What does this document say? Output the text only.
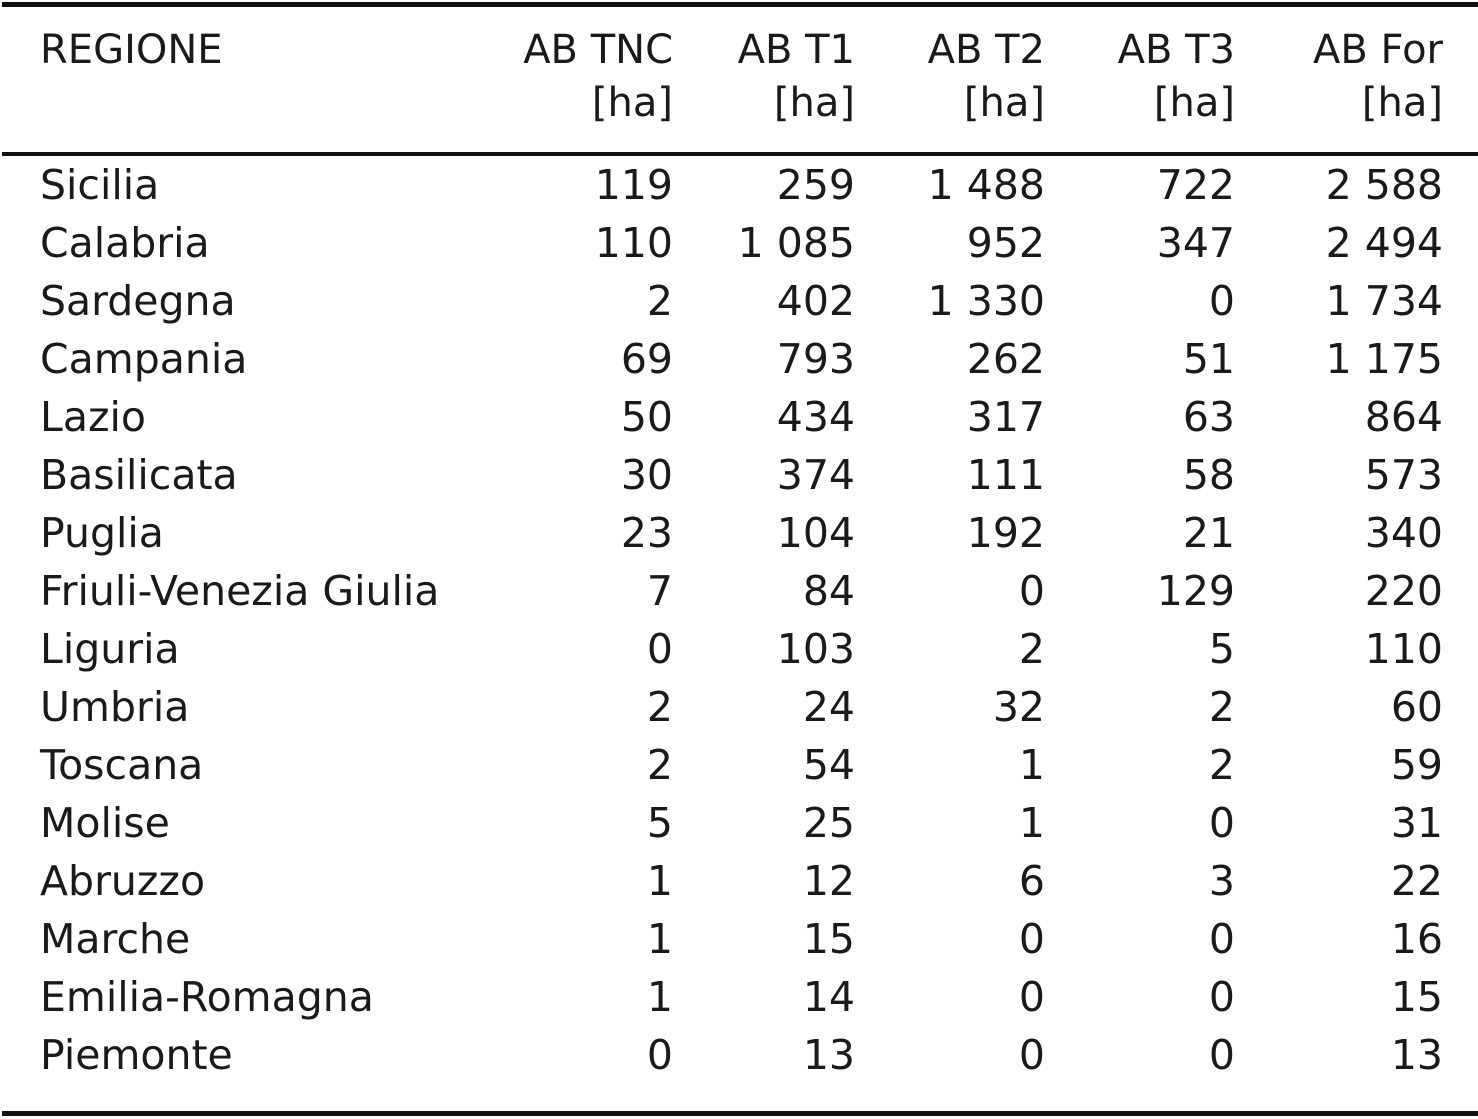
REGIONE	AB TNC	AB T1	AB T2	AB T3	AB For	
	[ha]	[ha]	[ha]	[ha]	[ha]	

Sicilia	119	259	1 488	722	2 588	
Calabria	110	1 085	952	347	2 494	
Sardegna	2	402	1 330	0	1 734	
Campania	69	793	262	51	1 175	
Lazio	50	434	317	63	864	
Basilicata	30	374	111	58	573	
Puglia	23	104	192	21	340	
Friuli-Venezia Giulia	7	84	0	129	220	
Liguria	0	103	2	5	110	
Umbria	2	24	32	2	60	
Toscana	2	54	1	2	59	
Molise	5	25	1	0	31	
Abruzzo	1	12	6	3	22	
Marche	1	15	0	0	16	
Emilia-Romagna	1	14	0	0	15	
Piemonte	0	13	0	0	13	
